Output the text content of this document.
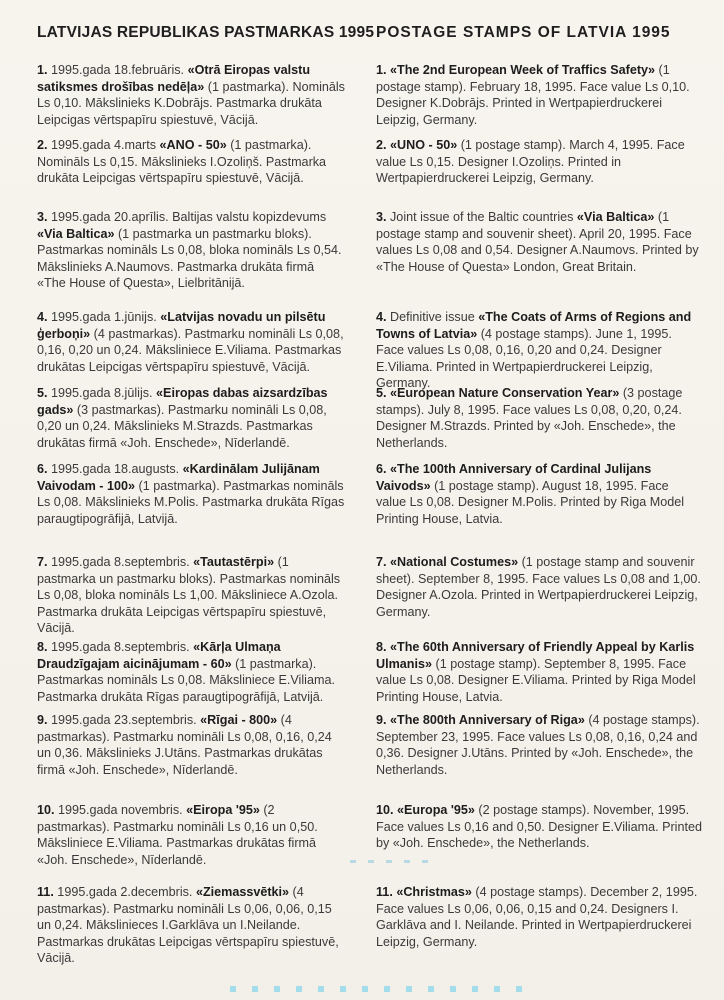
LATVIJAS REPUBLIKAS PASTMARKAS 1995
1. 1995.gada 18.februāris. «Otrā Eiropas valstu satiksmes drošības nedēļa» (1 pastmarka). Nomināls Ls 0,10. Mākslinieks K.Dobrājs. Pastmarka drukāta Leipcigas vērtspapīru spiestuvē, Vācijā.
2. 1995.gada 4.marts «ANO - 50» (1 pastmarka). Nomināls Ls 0,15. Mākslinieks I.Ozoliņš. Pastmarka drukāta Leipcigas vērtspapīru spiestuvē, Vācijā.
3. 1995.gada 20.aprīlis. Baltijas valstu kopizdevums «Via Baltica» (1 pastmarka un pastmarku bloks). Pastmarkas nomināls Ls 0,08, bloka nomināls Ls 0,54. Mākslinieks A.Naumovs. Pastmarka drukāta firmā «The House of Questa», Lielbritānijā.
4. 1995.gada 1.jūnijs. «Latvijas novadu un pilsētu ģerboņi» (4 pastmarkas). Pastmarku nomināli Ls 0,08, 0,16, 0,20 un 0,24. Māksliniece E.Viliama. Pastmarkas drukātas Leipcigas vērtspapīru spiestuvē, Vācijā.
5. 1995.gada 8.jūlijs. «Eiropas dabas aizsardzības gads» (3 pastmarkas). Pastmarku nomināli Ls 0,08, 0,20 un 0,24. Mākslinieks M.Strazds. Pastmarkas drukātas firmā «Joh. Enschede», Nīderlandē.
6. 1995.gada 18.augusts. «Kardinālam Julijānam Vaivodam - 100» (1 pastmarka). Pastmarkas nomināls Ls 0,08. Mākslinieks M.Polis. Pastmarka drukāta Rīgas paraugtipogrāfijā, Latvijā.
7. 1995.gada 8.septembris. «Tautastērpi» (1 pastmarka un pastmarku bloks). Pastmarkas nomināls Ls 0,08, bloka nomināls Ls 1,00. Māksliniece A.Ozola. Pastmarka drukāta Leipcigas vērtspapīru spiestuvē, Vācijā.
8. 1995.gada 8.septembris. «Kārļa Ulmaņa Draudzīgajam aicinājumam - 60» (1 pastmarka). Pastmarkas nomināls Ls 0,08. Māksliniece E.Viliama. Pastmarka drukāta Rīgas paraugtipogrāfijā, Latvijā.
9. 1995.gada 23.septembris. «Rīgai - 800» (4 pastmarkas). Pastmarku nomināli Ls 0,08, 0,16, 0,24 un 0,36. Mākslinieks J.Utāns. Pastmarkas drukātas firmā «Joh. Enschede», Nīderlandē.
10. 1995.gada novembris. «Eiropa '95» (2 pastmarkas). Pastmarku nomināli Ls 0,16 un 0,50. Māksliniece E.Viliama. Pastmarkas drukātas firmā «Joh. Enschede», Nīderlandē.
11. 1995.gada 2.decembris. «Ziemassvētki» (4 pastmarkas). Pastmarku nomināli Ls 0,06, 0,06, 0,15 un 0,24. Mākslinieces I.Garklāva un I.Neilande. Pastmarkas drukātas Leipcigas vērtspapīru spiestuvē, Vācijā.
POSTAGE STAMPS OF LATVIA 1995
1. «The 2nd European Week of Traffics Safety» (1 postage stamp). February 18, 1995. Face value Ls 0,10. Designer K.Dobrājs. Printed in Wertpapierdruckerei Leipzig, Germany.
2. «UNO - 50» (1 postage stamp). March 4, 1995. Face value Ls 0,15. Designer I.Ozoliņs. Printed in Wertpapierdruckerei Leipzig, Germany.
3. Joint issue of the Baltic countries «Via Baltica» (1 postage stamp and souvenir sheet). April 20, 1995. Face values Ls 0,08 and 0,54. Designer A.Naumovs. Printed by «The House of Questa» London, Great Britain.
4. Definitive issue «The Coats of Arms of Regions and Towns of Latvia» (4 postage stamps). June 1, 1995. Face values Ls 0,08, 0,16, 0,20 and 0,24. Designer E.Viliama. Printed in Wertpapierdruckerei Leipzig, Germany.
5. «European Nature Conservation Year» (3 postage stamps). July 8, 1995. Face values Ls 0,08, 0,20, 0,24. Designer M.Strazds. Printed by «Joh. Enschede», the Netherlands.
6. «The 100th Anniversary of Cardinal Julijans Vaivods» (1 postage stamp). August 18, 1995. Face value Ls 0,08. Designer M.Polis. Printed by Riga Model Printing House, Latvia.
7. «National Costumes» (1 postage stamp and souvenir sheet). September 8, 1995. Face values Ls 0,08 and 1,00. Designer A.Ozola. Printed in Wertpapierdruckerei Leipzig, Germany.
8. «The 60th Anniversary of Friendly Appeal by Karlis Ulmanis» (1 postage stamp). September 8, 1995. Face value Ls 0,08. Designer E.Viliama. Printed by Riga Model Printing House, Latvia.
9. «The 800th Anniversary of Riga» (4 postage stamps). September 23, 1995. Face values Ls 0,08, 0,16, 0,24 and 0,36. Designer J.Utāns. Printed by «Joh. Enschede», the Netherlands.
10. «Europa '95» (2 postage stamps). November, 1995. Face values Ls 0,16 and 0,50. Designer E.Viliama. Printed by «Joh. Enschede», the Netherlands.
11. «Christmas» (4 postage stamps). December 2, 1995. Face values Ls 0,06, 0,06, 0,15 and 0,24. Designers I. Garklāva and I. Neilande. Printed in Wertpapierdruckerei Leipzig, Germany.
